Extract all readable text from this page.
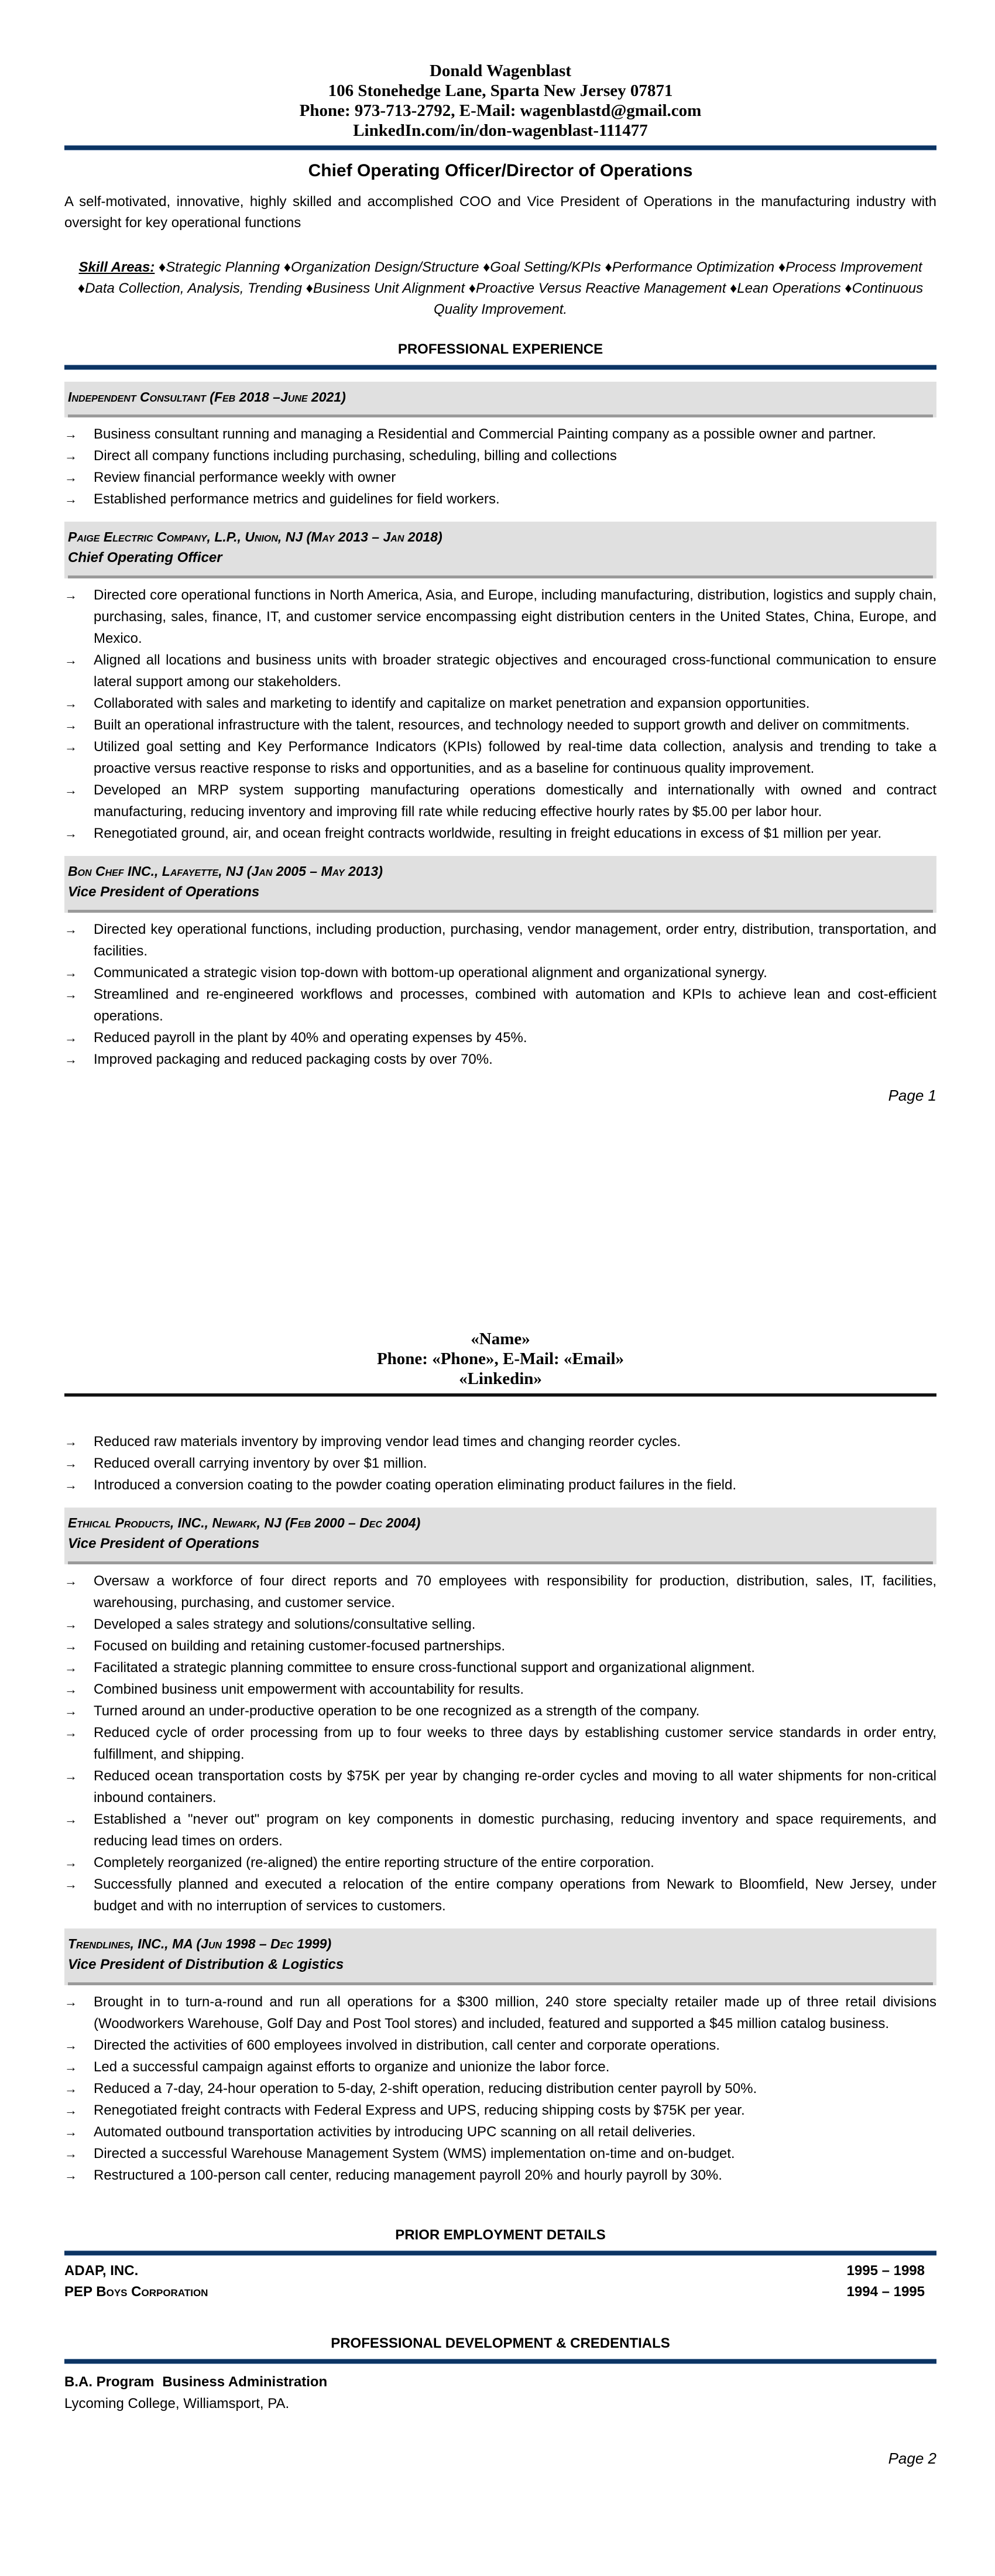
Donald Wagenblast
106 Stonehedge Lane, Sparta New Jersey 07871
Phone: 973-713-2792, E-Mail: wagenblastd@gmail.com
LinkedIn.com/in/don-wagenblast-111477
Chief Operating Officer/Director of Operations
A self-motivated, innovative, highly skilled and accomplished COO and Vice President of Operations in the manufacturing industry with oversight for key operational functions
Skill Areas: ♦Strategic Planning ♦Organization Design/Structure ♦Goal Setting/KPIs ♦Performance Optimization ♦Process Improvement ♦Data Collection, Analysis, Trending ♦Business Unit Alignment ♦Proactive Versus Reactive Management ♦Lean Operations ♦Continuous Quality Improvement.
PROFESSIONAL EXPERIENCE
Independent Consultant (Feb 2018 –June 2021)
→ Business consultant running and managing a Residential and Commercial Painting company as a possible owner and partner.
→ Direct all company functions including purchasing, scheduling, billing and collections
→ Review financial performance weekly with owner
→ Established performance metrics and guidelines for field workers.
Paige Electric Company, L.P., Union, NJ (May 2013 – Jan 2018)
Chief Operating Officer
→ Directed core operational functions in North America, Asia, and Europe, including manufacturing, distribution, logistics and supply chain, purchasing, sales, finance, IT, and customer service encompassing eight distribution centers in the United States, China, Europe, and Mexico.
→ Aligned all locations and business units with broader strategic objectives and encouraged cross-functional communication to ensure lateral support among our stakeholders.
→ Collaborated with sales and marketing to identify and capitalize on market penetration and expansion opportunities.
→ Built an operational infrastructure with the talent, resources, and technology needed to support growth and deliver on commitments.
→ Utilized goal setting and Key Performance Indicators (KPIs) followed by real-time data collection, analysis and trending to take a proactive versus reactive response to risks and opportunities, and as a baseline for continuous quality improvement.
→ Developed an MRP system supporting manufacturing operations domestically and internationally with owned and contract manufacturing, reducing inventory and improving fill rate while reducing effective hourly rates by $5.00 per labor hour.
→ Renegotiated ground, air, and ocean freight contracts worldwide, resulting in freight educations in excess of $1 million per year.
Bon Chef INC., Lafayette, NJ (Jan 2005 – May 2013)
Vice President of Operations
→ Directed key operational functions, including production, purchasing, vendor management, order entry, distribution, transportation, and facilities.
→ Communicated a strategic vision top-down with bottom-up operational alignment and organizational synergy.
→ Streamlined and re-engineered workflows and processes, combined with automation and KPIs to achieve lean and cost-efficient operations.
→ Reduced payroll in the plant by 40% and operating expenses by 45%.
→ Improved packaging and reduced packaging costs by over 70%.
Page 1
«Name»
Phone: «Phone», E-Mail: «Email»
«Linkedin»
→ Reduced raw materials inventory by improving vendor lead times and changing reorder cycles.
→ Reduced overall carrying inventory by over $1 million.
→ Introduced a conversion coating to the powder coating operation eliminating product failures in the field.
Ethical Products, INC., Newark, NJ (Feb 2000 – Dec 2004)
Vice President of Operations
→ Oversaw a workforce of four direct reports and 70 employees with responsibility for production, distribution, sales, IT, facilities, warehousing, purchasing, and customer service.
→ Developed a sales strategy and solutions/consultative selling.
→ Focused on building and retaining customer-focused partnerships.
→ Facilitated a strategic planning committee to ensure cross-functional support and organizational alignment.
→ Combined business unit empowerment with accountability for results.
→ Turned around an under-productive operation to be one recognized as a strength of the company.
→ Reduced cycle of order processing from up to four weeks to three days by establishing customer service standards in order entry, fulfillment, and shipping.
→ Reduced ocean transportation costs by $75K per year by changing re-order cycles and moving to all water shipments for non-critical inbound containers.
→ Established a "never out" program on key components in domestic purchasing, reducing inventory and space requirements, and reducing lead times on orders.
→ Completely reorganized (re-aligned) the entire reporting structure of the entire corporation.
→ Successfully planned and executed a relocation of the entire company operations from Newark to Bloomfield, New Jersey, under budget and with no interruption of services to customers.
Trendlines, INC., MA (Jun 1998 – Dec 1999)
Vice President of Distribution & Logistics
→ Brought in to turn-a-round and run all operations for a $300 million, 240 store specialty retailer made up of three retail divisions (Woodworkers Warehouse, Golf Day and Post Tool stores) and included, featured and supported a $45 million catalog business.
→ Directed the activities of 600 employees involved in distribution, call center and corporate operations.
→ Led a successful campaign against efforts to organize and unionize the labor force.
→ Reduced a 7-day, 24-hour operation to 5-day, 2-shift operation, reducing distribution center payroll by 50%.
→ Renegotiated freight contracts with Federal Express and UPS, reducing shipping costs by $75K per year.
→ Automated outbound transportation activities by introducing UPC scanning on all retail deliveries.
→ Directed a successful Warehouse Management System (WMS) implementation on-time and on-budget.
→ Restructured a 100-person call center, reducing management payroll 20% and hourly payroll by 30%.
PRIOR EMPLOYMENT DETAILS
ADAP, INC.	1995 – 1998
PEP Boys Corporation	1994 – 1995
PROFESSIONAL DEVELOPMENT & CREDENTIALS
B.A. Program Business Administration
Lycoming College, Williamsport, PA.
Page 2
